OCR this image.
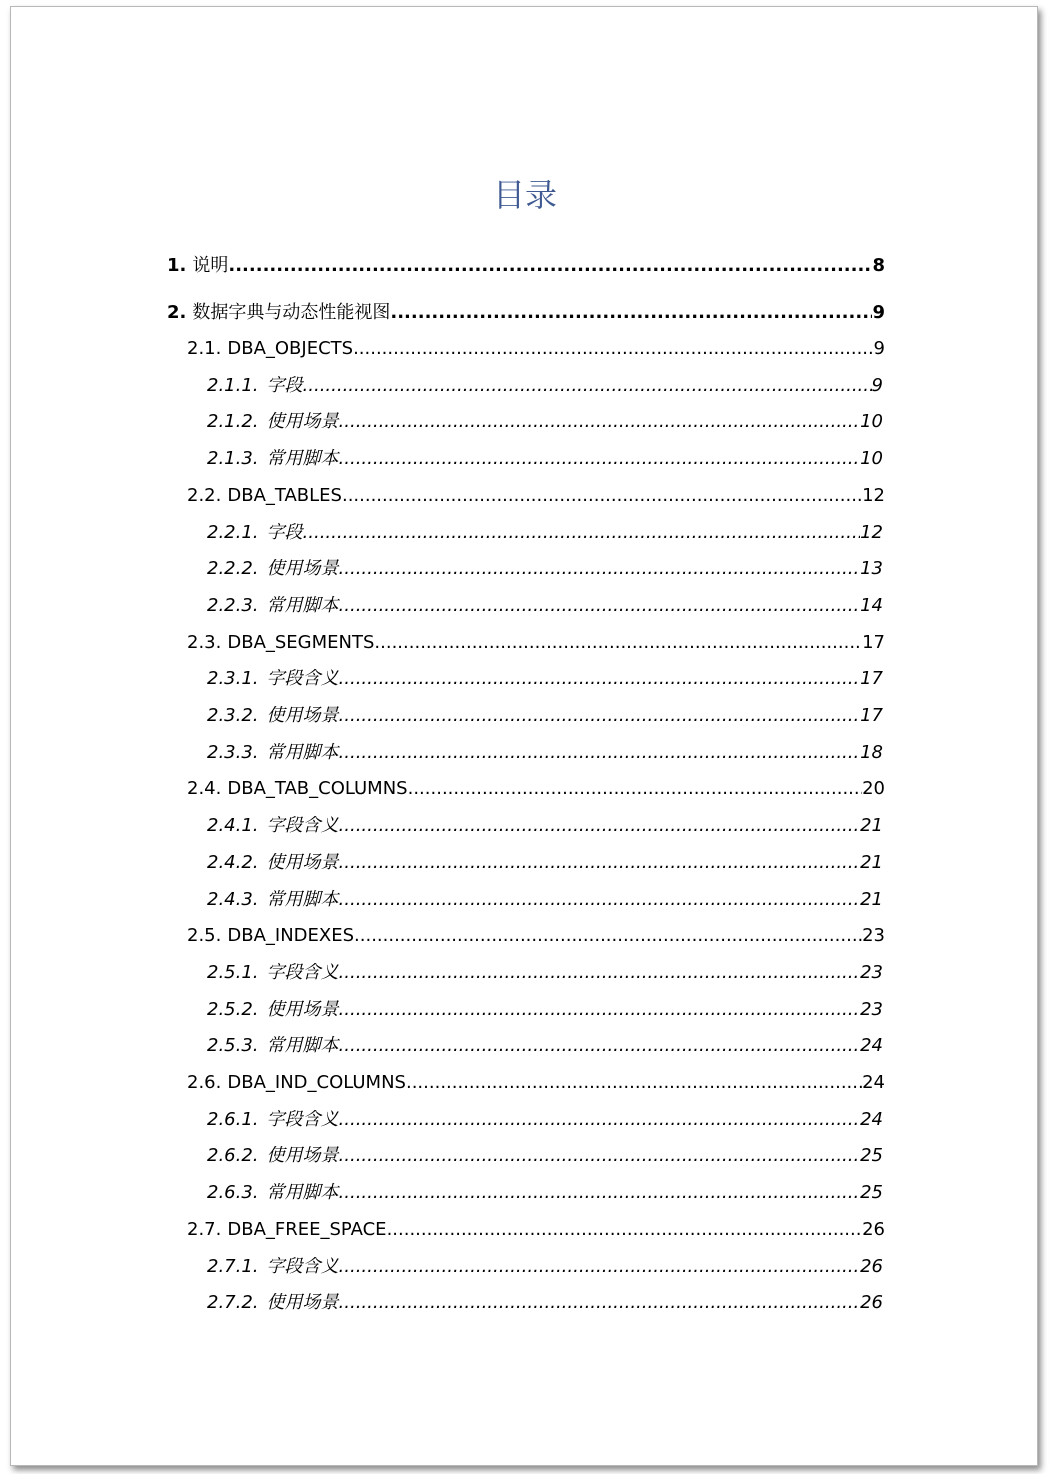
目录
1. 说明 .....	8
2. 数据字典与动态性能视图 .....	9
2.1. DBA_OBJECTS .....	9
2.1.1. 字段 .....	9
2.1.2. 使用场景 .....	10
2.1.3. 常用脚本 .....	10
2.2. DBA_TABLES .....	12
2.2.1. 字段 .....	12
2.2.2. 使用场景 .....	13
2.2.3. 常用脚本 .....	14
2.3. DBA_SEGMENTS .....	17
2.3.1. 字段含义 .....	17
2.3.2. 使用场景 .....	17
2.3.3. 常用脚本 .....	18
2.4. DBA_TAB_COLUMNS .....	20
2.4.1. 字段含义 .....	21
2.4.2. 使用场景 .....	21
2.4.3. 常用脚本 .....	21
2.5. DBA_INDEXES .....	23
2.5.1. 字段含义 .....	23
2.5.2. 使用场景 .....	23
2.5.3. 常用脚本 .....	24
2.6. DBA_IND_COLUMNS .....	24
2.6.1. 字段含义 .....	24
2.6.2. 使用场景 .....	25
2.6.3. 常用脚本 .....	25
2.7. DBA_FREE_SPACE .....	26
2.7.1. 字段含义 .....	26
2.7.2. 使用场景 .....	26
